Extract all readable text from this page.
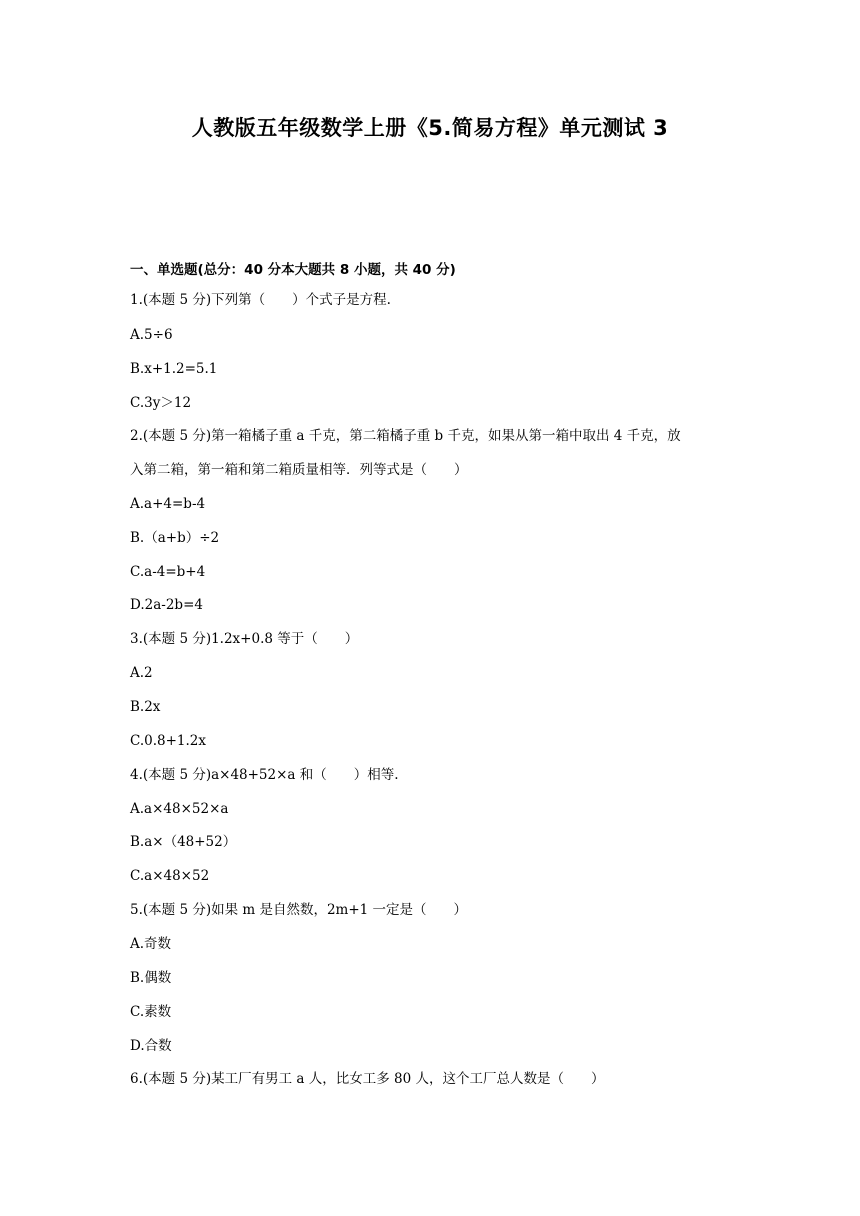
人教版五年级数学上册《5.简易方程》单元测试 3
一、单选题(总分：40 分本大题共 8 小题，共 40 分)

1.(本题 5 分)下列第（　　）个式子是方程.

A.5÷6

B.x+1.2=5.1

C.3y＞12

2.(本题 5 分)第一箱橘子重 a 千克，第二箱橘子重 b 千克，如果从第一箱中取出 4 千克，放

入第二箱，第一箱和第二箱质量相等．列等式是（　　）

A.a+4=b-4

B.（a+b）÷2

C.a-4=b+4

D.2a-2b=4

3.(本题 5 分)1.2x+0.8 等于（　　）

A.2

B.2x

C.0.8+1.2x

4.(本题 5 分)a×48+52×a 和（　　）相等.

A.a×48×52×a

B.a×（48+52）

C.a×48×52

5.(本题 5 分)如果 m 是自然数，2m+1 一定是（　　）

A.奇数

B.偶数

C.素数

D.合数

6.(本题 5 分)某工厂有男工 a 人，比女工多 80 人，这个工厂总人数是（　　）
